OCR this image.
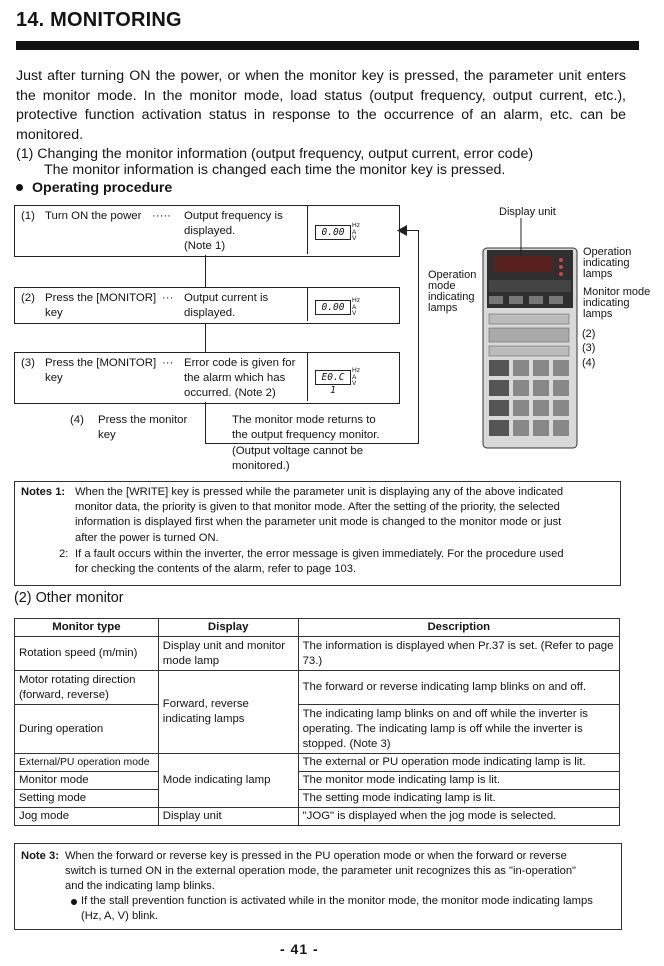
14. MONITORING
Just after turning ON the power, or when the monitor key is pressed, the parameter unit enters the monitor mode. In the monitor mode, load status (output frequency, output current, etc.), protective function activation status in response to the occurrence of an alarm, etc. can be monitored.
(1) Changing the monitor information (output frequency, output current, error code)
The monitor information is changed each time the monitor key is pressed.
Operating procedure
(1) Turn ON the power ····· Output frequency is
displayed.
(Note 1)
0.00
Hz
A
V
(2) Press the [MONITOR]
key
··· Output current is
displayed.	0.00
Hz
A
V
(3) Press the [MONITOR]
key
··· Error code is given for
the alarm which has
occurred. (Note 2)
E0.C 1
Hz
A
V
(4) Press the monitor
key
The monitor mode returns to
the output frequency monitor.
(Output voltage cannot be
monitored.)
Display unit
Operation
mode
indicating
lamps
Operation
indicating
lamps
Monitor mode
indicating
lamps
(2)
(3)
(4)
Notes 1: When the [WRITE] key is pressed while the parameter unit is displaying any of the above indicated
monitor data, the priority is given to that monitor mode. After the setting of the priority, the selected
information is displayed first when the parameter unit mode is changed to the monitor mode or just
after the power is turned ON.
2: If a fault occurs within the inverter, the error message is given immediately. For the procedure used
for checking the contents of the alarm, refer to page 103.
(2) Other monitor
Monitor type	Display	Description
Rotation speed (m/min)	Display unit and monitor mode lamp	The information is displayed when Pr.37 is set. (Refer to page 73.)
Motor rotating direction (forward, reverse)	Forward, reverse indicating lamps	The forward or reverse indicating lamp blinks on and off.
During operation		The indicating lamp blinks on and off while the inverter is operating. The indicating lamp is off while the inverter is stopped. (Note 3)
External/PU operation mode	Mode indicating lamp	The external or PU operation mode indicating lamp is lit.
Monitor mode		The monitor mode indicating lamp is lit.
Setting mode		The setting mode indicating lamp is lit.
Jog mode	Display unit	"JOG" is displayed when the jog mode is selected.
Note 3: When the forward or reverse key is pressed in the PU operation mode or when the forward or reverse
switch is turned ON in the external operation mode, the parameter unit recognizes this as "in-operation"
and the indicating lamp blinks.
If the stall prevention function is activated while in the monitor mode, the monitor mode indicating lamps
(Hz, A, V) blink.
- 41 -
